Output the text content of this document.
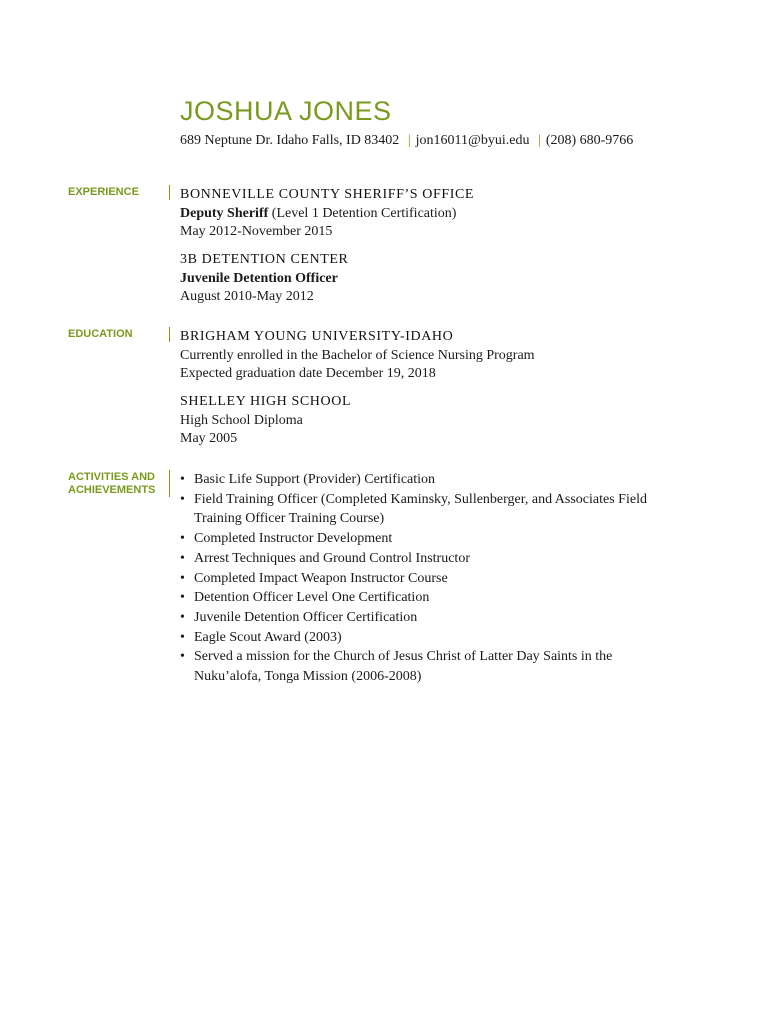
JOSHUA JONES
689 Neptune Dr. Idaho Falls, ID 83402 | jon16011@byui.edu | (208) 680-9766
EXPERIENCE	BONNEVILLE COUNTY SHERIFF’S OFFICE
Deputy Sheriff (Level 1 Detention Certification)
May 2012-November 2015
3B DETENTION CENTER
Juvenile Detention Officer
August 2010-May 2012
EDUCATION	BRIGHAM YOUNG UNIVERSITY-IDAHO
Currently enrolled in the Bachelor of Science Nursing Program
Expected graduation date December 19, 2018
SHELLEY HIGH SCHOOL
High School Diploma
May 2005
ACTIVITIES AND
ACHIEVEMENTS
• Basic Life Support (Provider) Certification
• Field Training Officer (Completed Kaminsky, Sullenberger, and Associates Field Training Officer Training Course)
• Completed Instructor Development
• Arrest Techniques and Ground Control Instructor
• Completed Impact Weapon Instructor Course
• Detention Officer Level One Certification
• Juvenile Detention Officer Certification
• Eagle Scout Award (2003)
• Served a mission for the Church of Jesus Christ of Latter Day Saints in the Nuku’alofa, Tonga Mission (2006-2008)
